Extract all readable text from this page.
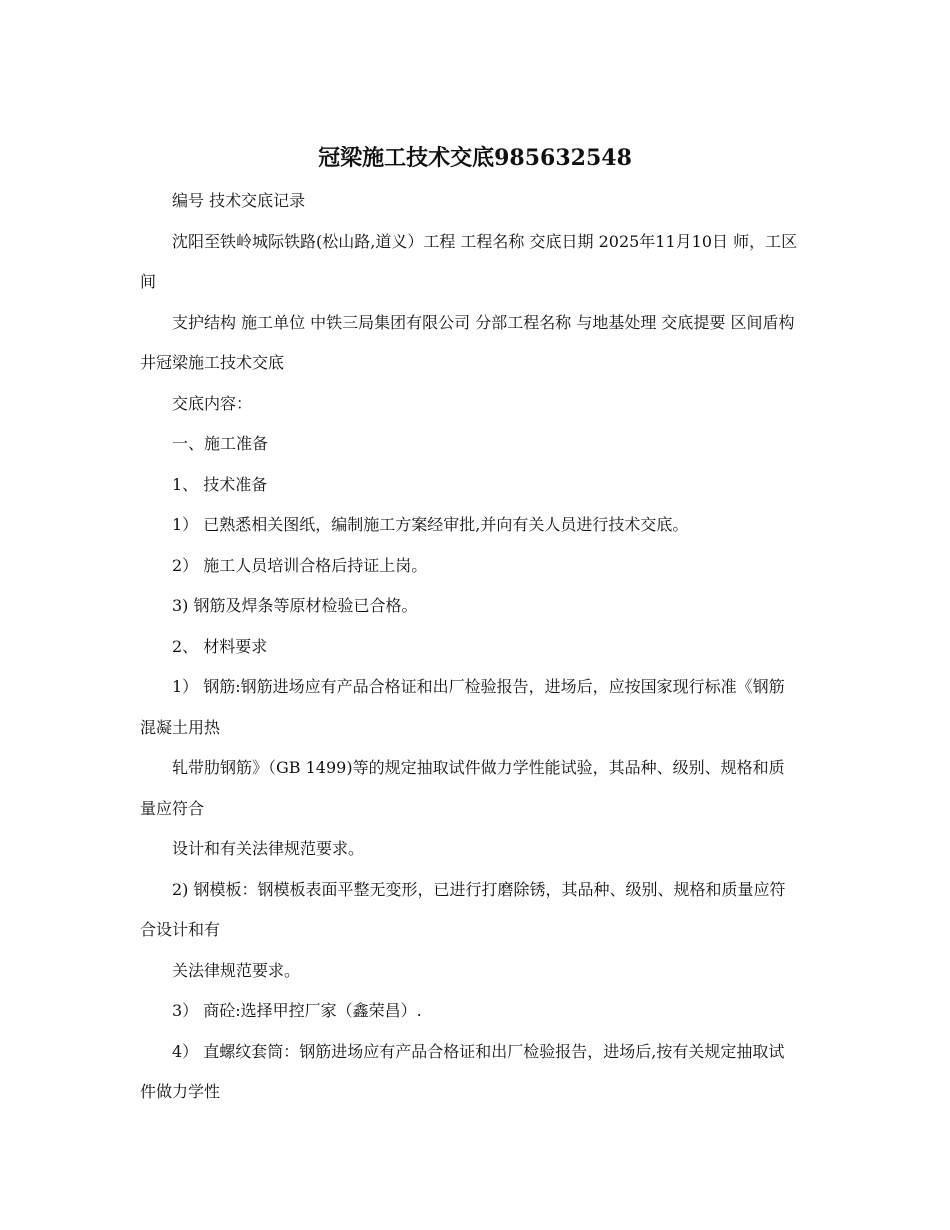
冠梁施工技术交底985632548

编号 技术交底记录

沈阳至铁岭城际铁路(松山路,道义）工程 工程名称 交底日期 2025年11月10日 师，工区间

支护结构 施工单位 中铁三局集团有限公司 分部工程名称 与地基处理 交底提要 区间盾构井冠梁施工技术交底

交底内容：

一、施工准备

1、 技术准备

1） 已熟悉相关图纸，编制施工方案经审批,并向有关人员进行技术交底。

2） 施工人员培训合格后持证上岗。

3) 钢筋及焊条等原材检验已合格。

2、 材料要求

1） 钢筋:钢筋进场应有产品合格证和出厂检验报告，进场后，应按国家现行标准《钢筋混凝土用热

轧带肋钢筋》（GB 1499)等的规定抽取试件做力学性能试验，其品种、级别、规格和质量应符合

设计和有关法律规范要求。

2) 钢模板：钢模板表面平整无变形，已进行打磨除锈，其品种、级别、规格和质量应符合设计和有

关法律规范要求。

3） 商砼:选择甲控厂家（鑫荣昌）.

4） 直螺纹套筒：钢筋进场应有产品合格证和出厂检验报告，进场后,按有关规定抽取试件做力学性
